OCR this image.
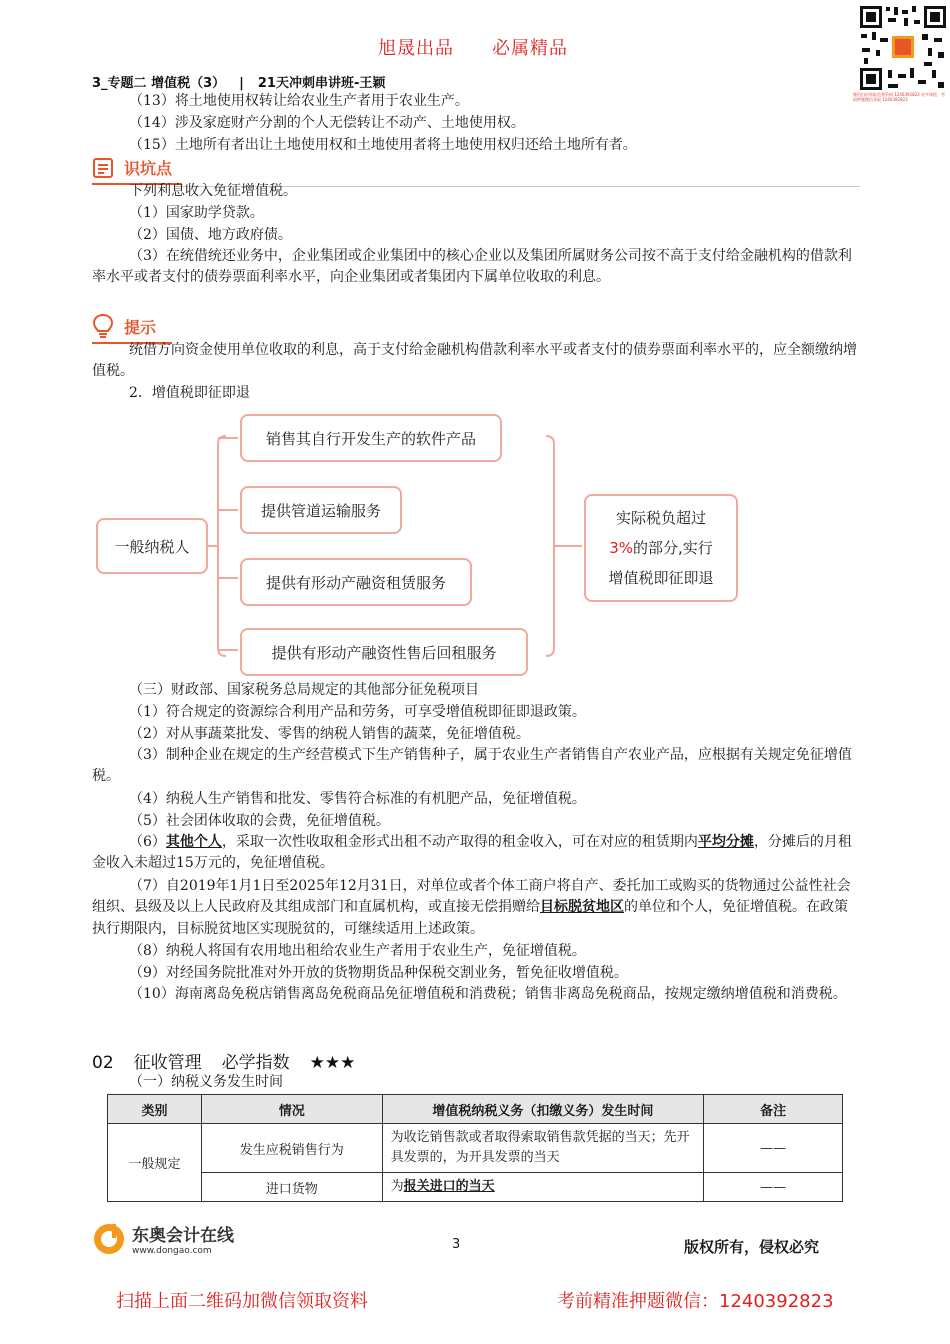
旭晟出品 必属精品
微信扫码领取免费资料 1240392823 更多课程，考前押题微信获取 1240392823
3_专题二 增值税（3） | 21天冲刺串讲班-王颖
（13）将土地使用权转让给农业生产者用于农业生产。
（14）涉及家庭财产分割的个人无偿转让不动产、土地使用权。
（15）土地所有者出让土地使用权和土地使用者将土地使用权归还给土地所有者。
识坑点
下列利息收入免征增值税。
（1）国家助学贷款。
（2）国债、地方政府债。
（3）在统借统还业务中，企业集团或企业集团中的核心企业以及集团所属财务公司按不高于支付给金融机构的借款利率水平或者支付的债券票面利率水平，向企业集团或者集团内下属单位收取的利息。
提示
统借方向资金使用单位收取的利息，高于支付给金融机构借款利率水平或者支付的债券票面利率水平的，应全额缴纳增值税。
2．增值税即征即退
一般纳税人
销售其自行开发生产的软件产品
提供管道运输服务
提供有形动产融资租赁服务
提供有形动产融资性售后回租服务
实际税负超过
3%的部分,实行
增值税即征即退
（三）财政部、国家税务总局规定的其他部分征免税项目
（1）符合规定的资源综合利用产品和劳务，可享受增值税即征即退政策。
（2）对从事蔬菜批发、零售的纳税人销售的蔬菜，免征增值税。
（3）制种企业在规定的生产经营模式下生产销售种子，属于农业生产者销售自产农业产品，应根据有关规定免征增值税。
（4）纳税人生产销售和批发、零售符合标准的有机肥产品，免征增值税。
（5）社会团体收取的会费，免征增值税。
（6）其他个人，采取一次性收取租金形式出租不动产取得的租金收入，可在对应的租赁期内平均分摊，分摊后的月租金收入未超过15万元的，免征增值税。
（7）自2019年1月1日至2025年12月31日，对单位或者个体工商户将自产、委托加工或购买的货物通过公益性社会组织、县级及以上人民政府及其组成部门和直属机构，或直接无偿捐赠给目标脱贫地区的单位和个人，免征增值税。在政策执行期限内，目标脱贫地区实现脱贫的，可继续适用上述政策。
（8）纳税人将国有农用地出租给农业生产者用于农业生产，免征增值税。
（9）对经国务院批准对外开放的货物期货品种保税交割业务，暂免征收增值税。
（10）海南离岛免税店销售离岛免税商品免征增值税和消费税；销售非离岛免税商品，按规定缴纳增值税和消费税。
02 征收管理 必学指数 ★★★
（一）纳税义务发生时间
类别	情况	增值税纳税义务（扣缴义务）发生时间	备注
一般规定	发生应税销售行为	为收讫销售款或者取得索取销售款凭据的当天；先开具发票的，为开具发票的当天	——
	进口货物	为报关进口的当天	——
东奥会计在线
www.dongao.com	3	版权所有，侵权必究
扫描上面二维码加微信领取资料	考前精准押题微信：1240392823
